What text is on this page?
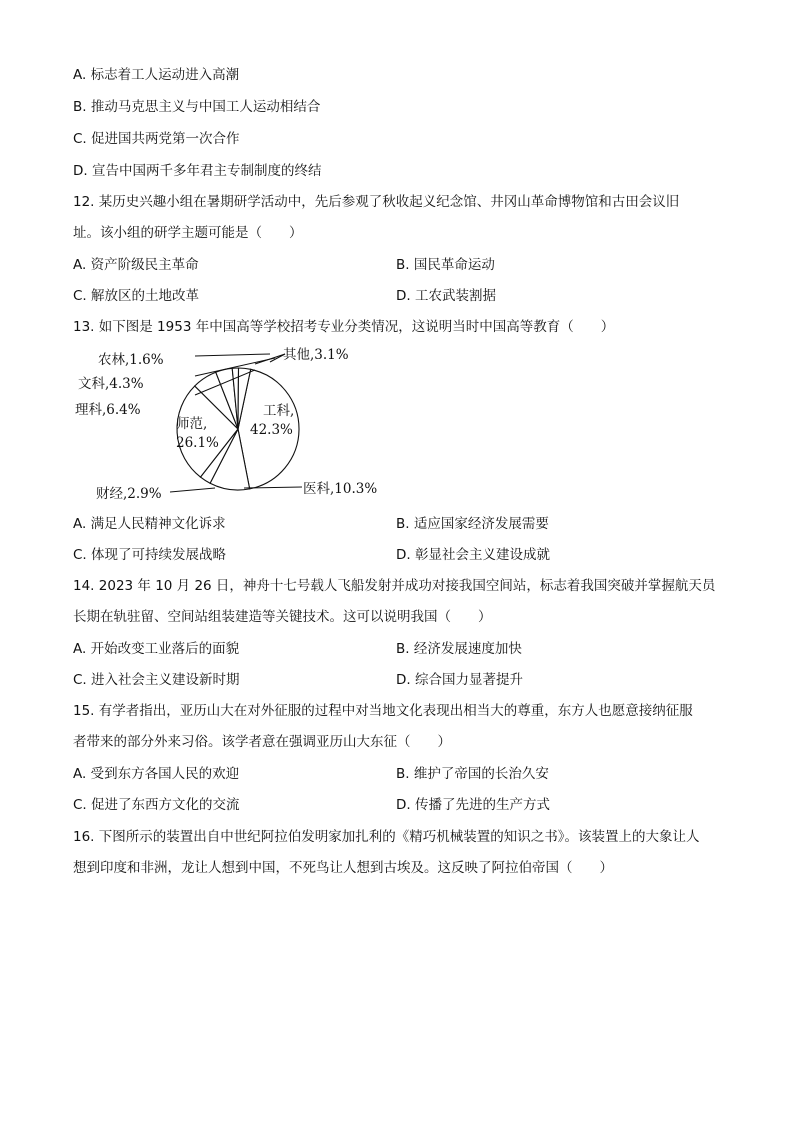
A. 标志着工人运动进入高潮
B. 推动马克思主义与中国工人运动相结合
C. 促进国共两党第一次合作
D. 宣告中国两千多年君主专制制度的终结
12. 某历史兴趣小组在暑期研学活动中，先后参观了秋收起义纪念馆、井冈山革命博物馆和古田会议旧
址。该小组的研学主题可能是（　　）
A. 资产阶级民主革命	B. 国民革命运动
C. 解放区的土地改革	D. 工农武装割据
13. 如下图是 1953 年中国高等学校招考专业分类情况，这说明当时中国高等教育（　　）
工科,
42.3%
师范,
26.1%
农林,1.6%
文科,4.3%
理科,6.4%
其他,3.1%
财经,2.9%	医科,10.3%
A. 满足人民精神文化诉求	B. 适应国家经济发展需要
C. 体现了可持续发展战略	D. 彰显社会主义建设成就
14. 2023 年 10 月 26 日，神舟十七号载人飞船发射并成功对接我国空间站，标志着我国突破并掌握航天员
长期在轨驻留、空间站组装建造等关键技术。这可以说明我国（　　）
A. 开始改变工业落后的面貌	B. 经济发展速度加快
C. 进入社会主义建设新时期	D. 综合国力显著提升
15. 有学者指出，亚历山大在对外征服的过程中对当地文化表现出相当大的尊重，东方人也愿意接纳征服
者带来的部分外来习俗。该学者意在强调亚历山大东征（　　）
A. 受到东方各国人民的欢迎	B. 维护了帝国的长治久安
C. 促进了东西方文化的交流	D. 传播了先进的生产方式
16. 下图所示的装置出自中世纪阿拉伯发明家加扎利的《精巧机械装置的知识之书》。该装置上的大象让人
想到印度和非洲，龙让人想到中国，不死鸟让人想到古埃及。这反映了阿拉伯帝国（　　）
